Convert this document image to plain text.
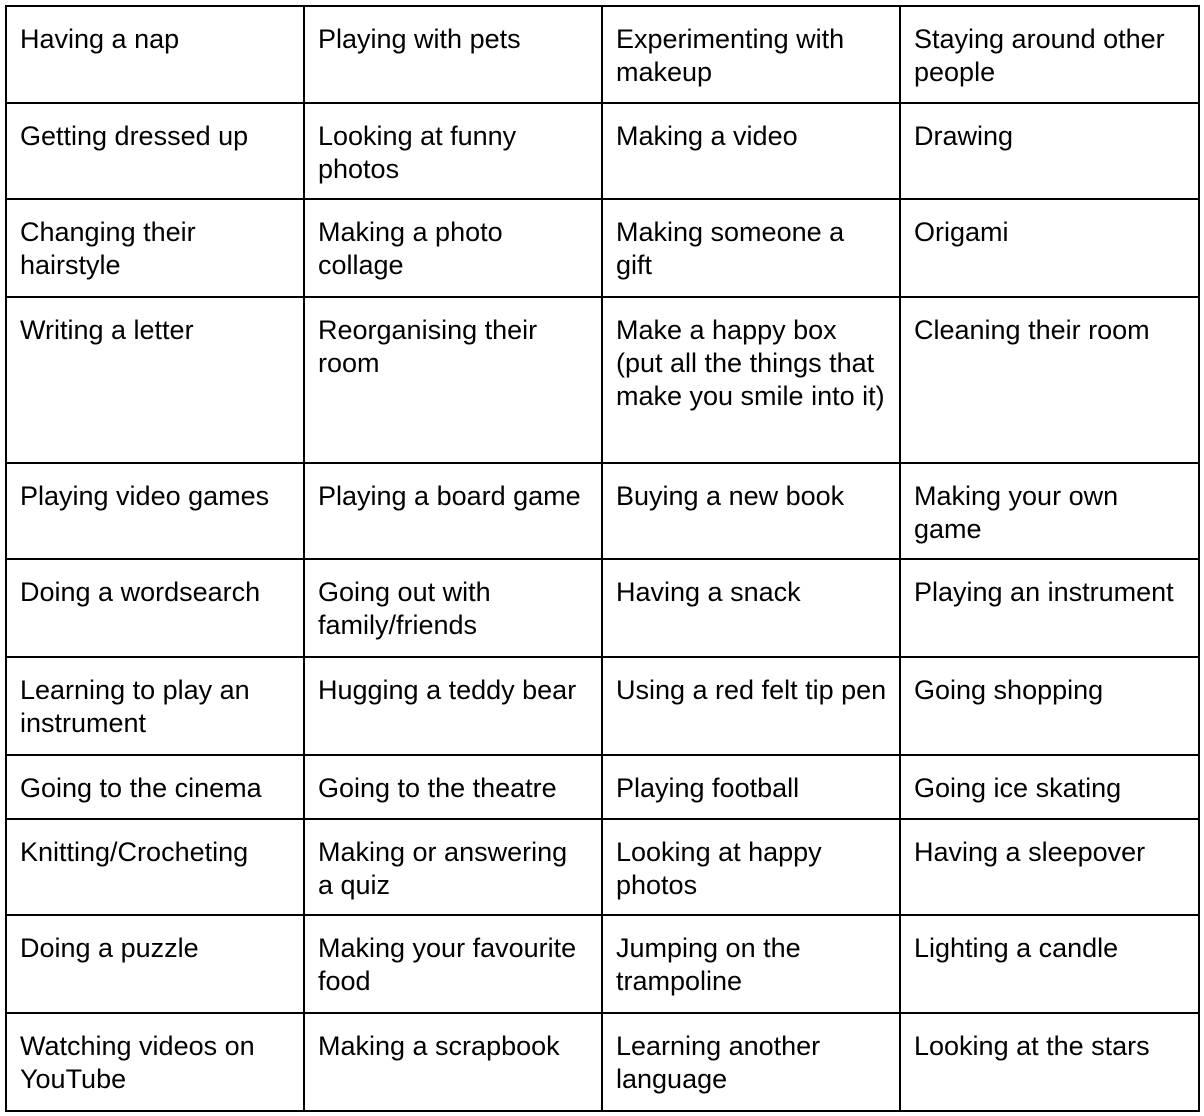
Having a nap	Playing with pets	Experimenting with makeup	Staying around other people
Getting dressed up	Looking at funny photos	Making a video	Drawing
Changing their hairstyle	Making a photo collage	Making someone a gift	Origami
Writing a letter	Reorganising their room	Make a happy box (put all the things that make you smile into it)	Cleaning their room
Playing video games	Playing a board game	Buying a new book	Making your own game
Doing a wordsearch	Going out with family/friends	Having a snack	Playing an instrument
Learning to play an instrument	Hugging a teddy bear	Using a red felt tip pen	Going shopping
Going to the cinema	Going to the theatre	Playing football	Going ice skating
Knitting/Crocheting	Making or answering a quiz	Looking at happy photos	Having a sleepover
Doing a puzzle	Making your favourite food	Jumping on the trampoline	Lighting a candle
Watching videos on YouTube	Making a scrapbook	Learning another language	Looking at the stars
